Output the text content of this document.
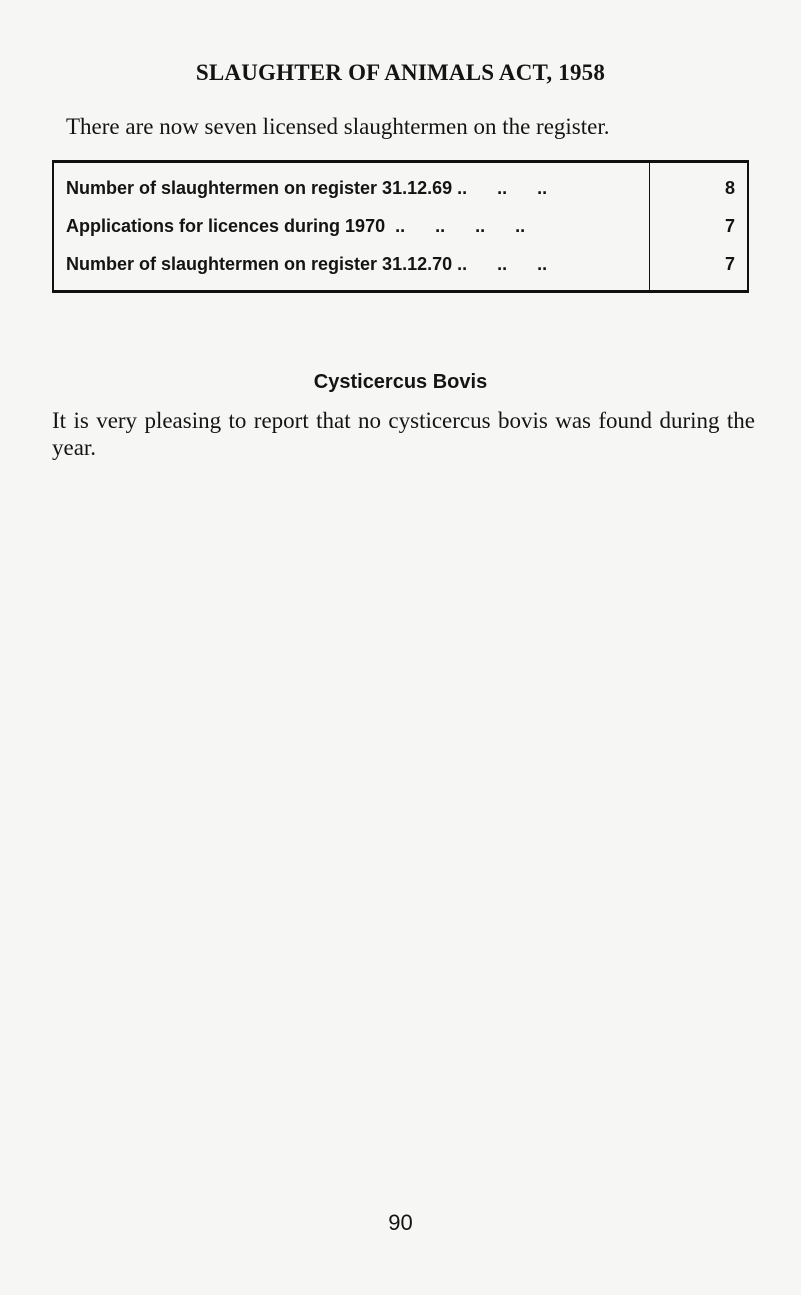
SLAUGHTER OF ANIMALS ACT, 1958
There are now seven licensed slaughtermen on the register.
Number of slaughtermen on register 31.12.69 ..      ..      ..	8
Applications for licences during 1970  ..      ..      ..      ..	7
Number of slaughtermen on register 31.12.70 ..      ..      ..	7
Cysticercus Bovis
It is very pleasing to report that no cysticercus bovis was found during the year.
90
